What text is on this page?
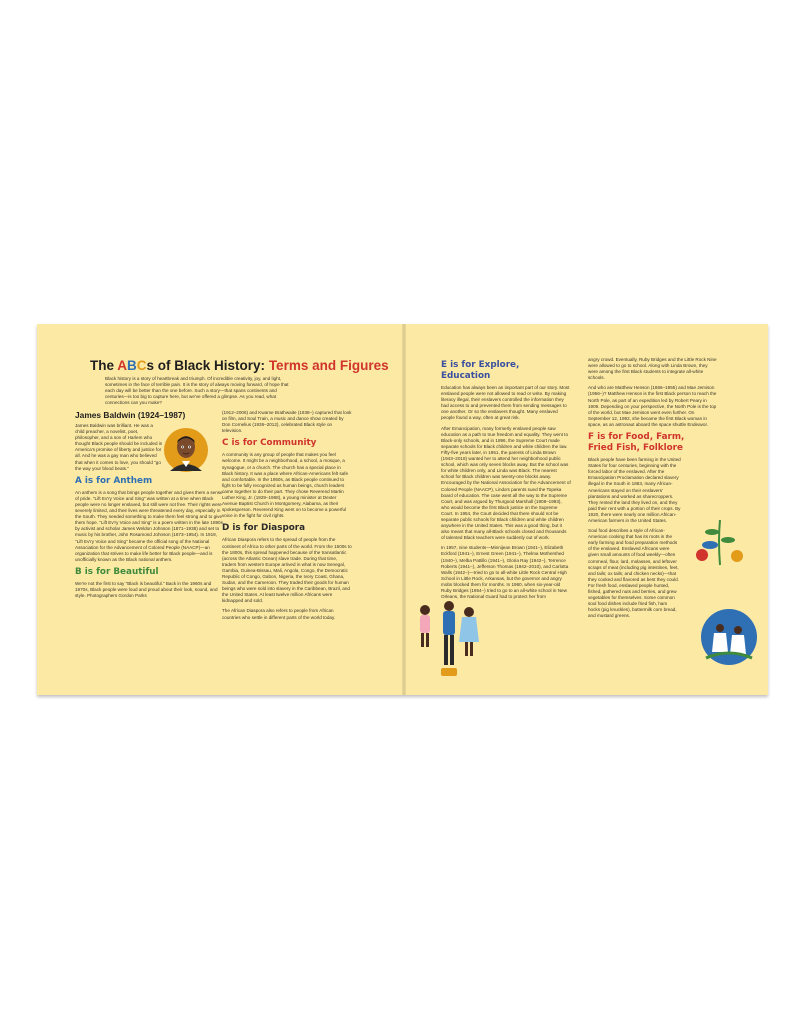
The ABCs of Black History: Terms and Figures

Black history is a story of heartbreak and triumph. Of incredible creativity, joy, and light, sometimes in the face of terrible pain. It is the story of always moving forward, of hope that each day will be better than the one before. Such a story—that spans continents and centuries—is too big to capture here, but we've offered a glimpse. As you read, what connections can you make?

James Baldwin (1924–1987)

James Baldwin was brilliant. He was a child preacher, a novelist, poet, philosopher, and a son of Harlem who thought Black people should be included in America's promise of liberty and justice for all. And he was a gay man who believed that when it comes to love, you should "go the way your blood beats."

A is for Anthem

An anthem is a song that brings people together and gives them a sense of pride. "Lift Ev'ry Voice and Sing" was written at a time when Black people were no longer enslaved, but still were not free. Their rights were severely limited, and their lives were threatened every day, especially in the South. They needed something to make them feel strong and to give them hope. "Lift Ev'ry Voice and Sing" is a poem written in the late 1890s by activist and scholar James Weldon Johnson (1871–1938) and set to music by his brother, John Rosamond Johnson (1873–1954). In 1919, "Lift Ev'ry Voice and Sing" became the official song of the National Association for the Advancement of Colored People (NAACP)—an organization that strives to make life better for Black people—and is unofficially known as the Black national anthem.

B is for Beautiful

We're not the first to say "Black is beautiful." Back in the 1960s and 1970s, Black people were loud and proud about their look, sound, and style. Photographers Gordon Parks

(1912–2006) and Kwame Brathwaite (1938–) captured that look on film, and Soul Train, a music and dance show created by Don Cornelius (1936–2012), celebrated Black style on television.

C is for Community

A community is any group of people that makes you feel welcome. It might be a neighborhood, a school, a mosque, a synagogue, or a church. The church has a special place in Black history. It was a place where African-Americans felt safe and comfortable. In the 1950s, as Black people continued to fight to be fully recognized as human beings, church leaders came together to do their part. They chose Reverend Martin Luther King, Jr. (1929–1968), a young minister at Dexter Avenue Baptist Church in Montgomery, Alabama, as their spokesperson. Reverend King went on to become a powerful voice in the fight for civil rights.

D is for Diaspora

African Diaspora refers to the spread of people from the continent of Africa to other parts of the world. From the 1500s to the 1800s, this spread happened because of the transatlantic (across the Atlantic Ocean) slave trade. During that time, traders from western Europe arrived in what is now Senegal, Gambia, Guinea-Bissau, Mali, Angola, Congo, the Democratic Republic of Congo, Gabon, Nigeria, the Ivory Coast, Ghana, Sudan, and the Cameroon. They traded their goods for human beings who were sold into slavery in the Caribbean, Brazil, and the United States. At least twelve million Africans were kidnapped and sold.

The African Diaspora also refers to people from African countries who settle in different parts of the world today.

E is for Explore, Education

Education has always been an important part of our story. Most enslaved people were not allowed to read or write. By making literacy illegal, their enslavers controlled the information they had access to and prevented them from sending messages to one another. Or so the enslavers thought. Many enslaved people found a way, often at great risk.

After Emancipation, many formerly enslaved people saw education as a path to true freedom and equality. They went to Black-only schools, and in 1896, the Supreme Court made separate schools for Black children and white children the law. Fifty-five years later, in 1951, the parents of Linda Brown (1943–2018) wanted her to attend her neighborhood public school, which was only seven blocks away. But the school was for white children only, and Linda was Black. The nearest school for Black children was twenty-one blocks away. Encouraged by the National Association for the Advancement of Colored People (NAACP), Linda's parents sued the Topeka board of education. The case went all the way to the Supreme Court, and was argued by Thurgood Marshall (1908–1993), who would become the first Black justice on the Supreme Court. In 1954, the Court decided that there should not be separate public schools for Black children and white children anywhere in the United States. This was a good thing, but it also meant that many all-Black schools closed and thousands of talented Black teachers were suddenly out of work.

In 1957, nine students—Minnijean Brown (1941–), Elizabeth Eckford (1941–), Ernest Green (1941–), Thelma Mothershed (1940–), Melba Pattillo (1941–), Gloria Ray (1942–), Terrence Roberts (1941–), Jefferson Thomas (1942–2010), and Carlotta Walls (1942–)—tried to go to all-white Little Rock Central High School in Little Rock, Arkansas, but the governor and angry mobs blocked them for months. In 1960, when six-year-old Ruby Bridges (1954–) tried to go to an all-white school in New Orleans, the National Guard had to protect her from

angry crowd. Eventually, Ruby Bridges and the Little Rock Nine were allowed to go to school. Along with Linda Brown, they were among the first Black students to integrate all-white schools.

And who are Matthew Henson (1866–1955) and Mae Jemison (1956–)? Matthew Henson is the first Black person to reach the North Pole, as part of an expedition led by Robert Peary in 1909. Depending on your perspective, the North Pole is the top of the world, but Mae Jemison went even further. On September 12, 1992, she became the first Black woman in space, as an astronaut aboard the space shuttle Endeavor.

F is for Food, Farm,
Fried Fish, Folklore

Black people have been farming in the United States for four centuries, beginning with the forced labor of the enslaved. After the Emancipation Proclamation declared slavery illegal in the South in 1863, many African-Americans stayed on their enslavers' plantations and worked as sharecroppers. They rented the land they lived on, and they paid their rent with a portion of their crops. By 1920, there were nearly one million African-American farmers in the United States.

Soul food describes a style of African-American cooking that has its roots in the early farming and food preparation methods of the enslaved. Enslaved Africans were given small amounts of food weekly—often cornmeal, flour, lard, molasses, and leftover scraps of meat (including pig intestines, feet, and tails; ox tails; and chicken necks)—that they cooked and flavored as best they could. For fresh food, enslaved people hunted, fished, gathered nuts and berries, and grew vegetables for themselves. Some common soul food dishes include fried fish, ham hocks (pig knuckles), buttermilk corn bread, and mustard greens.
